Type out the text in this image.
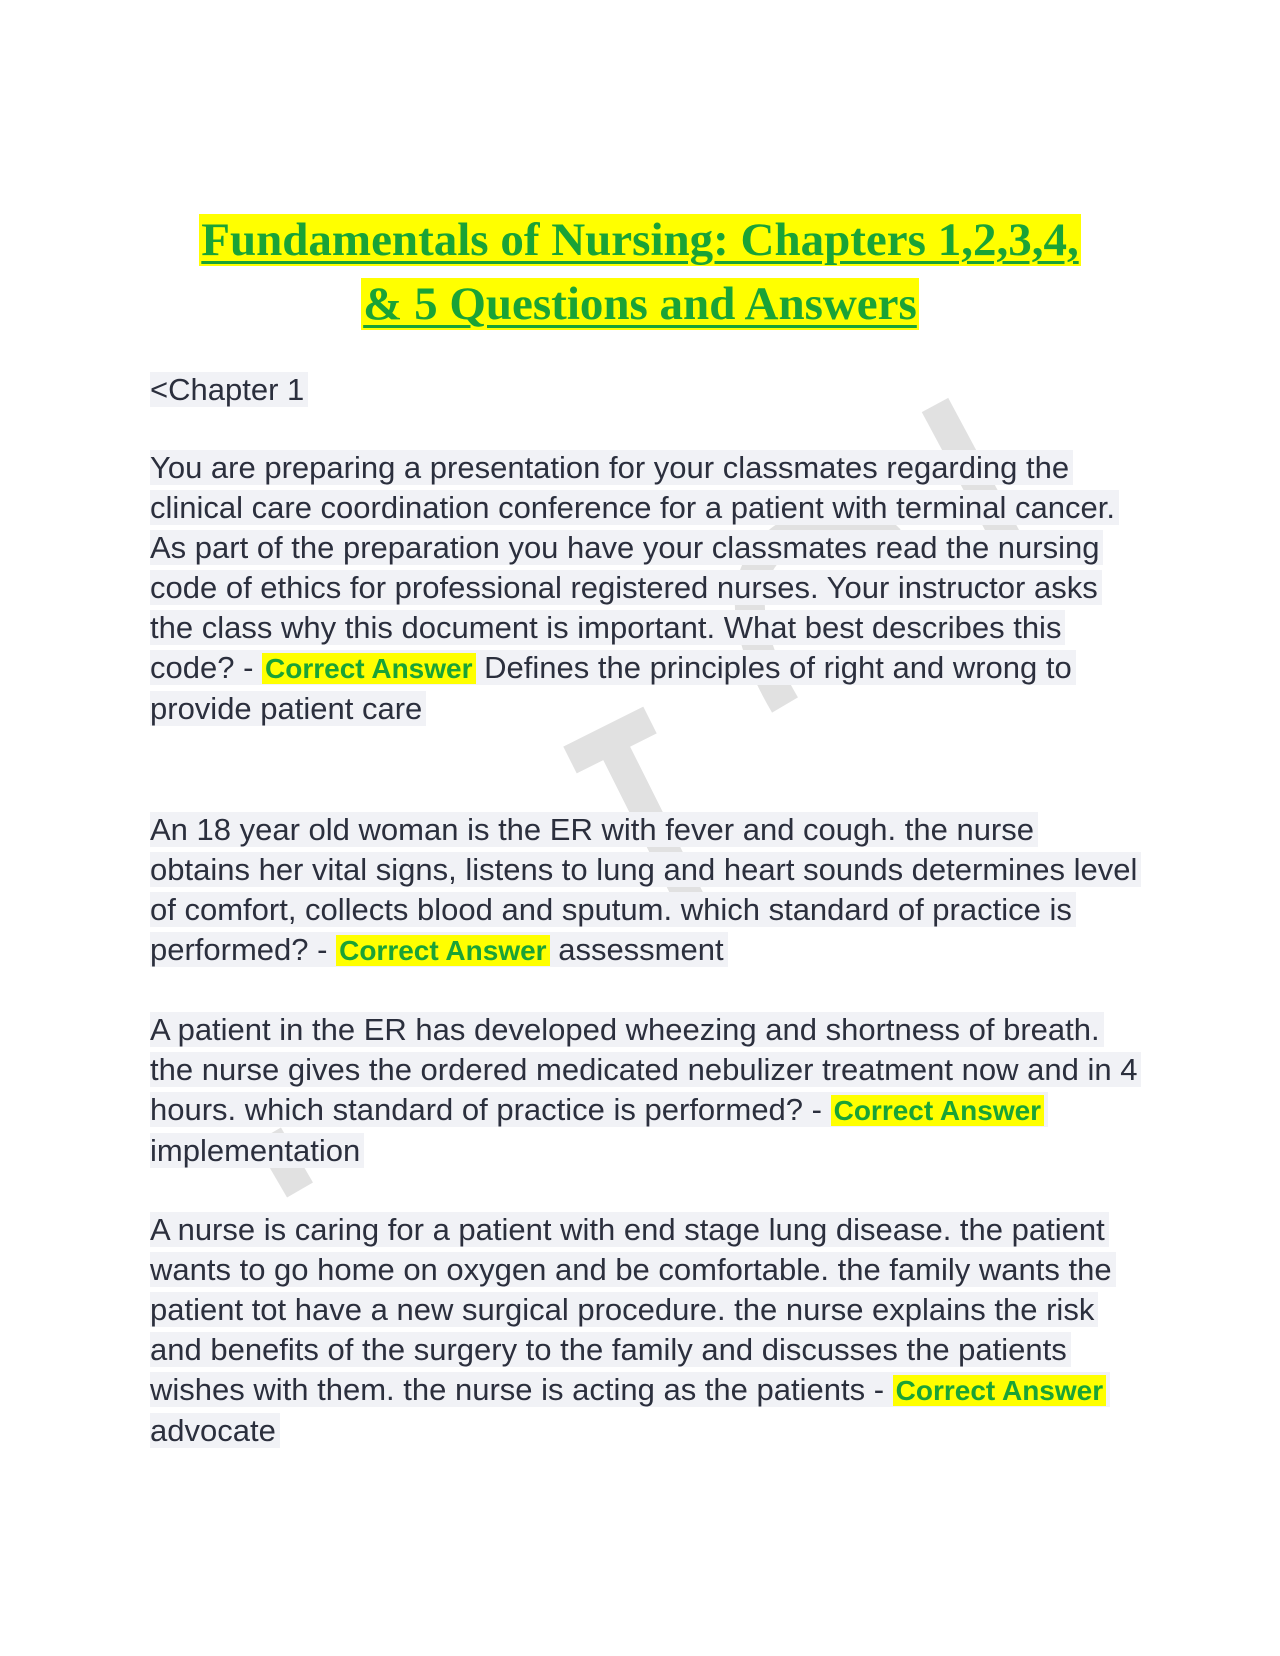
Fundamentals of Nursing: Chapters 1,2,3,4,
& 5 Questions and Answers
<Chapter 1
You are preparing a presentation for your classmates regarding the clinical care coordination conference for a patient with terminal cancer. As part of the preparation you have your classmates read the nursing code of ethics for professional registered nurses. Your instructor asks the class why this document is important. What best describes this code? - Correct Answer Defines the principles of right and wrong to provide patient care
An 18 year old woman is the ER with fever and cough. the nurse obtains her vital signs, listens to lung and heart sounds determines level of comfort, collects blood and sputum. which standard of practice is performed? - Correct Answer assessment
A patient in the ER has developed wheezing and shortness of breath. the nurse gives the ordered medicated nebulizer treatment now and in 4 hours. which standard of practice is performed? - Correct Answer implementation
A nurse is caring for a patient with end stage lung disease. the patient wants to go home on oxygen and be comfortable. the family wants the patient tot have a new surgical procedure. the nurse explains the risk and benefits of the surgery to the family and discusses the patients wishes with them. the nurse is acting as the patients - Correct Answer advocate
